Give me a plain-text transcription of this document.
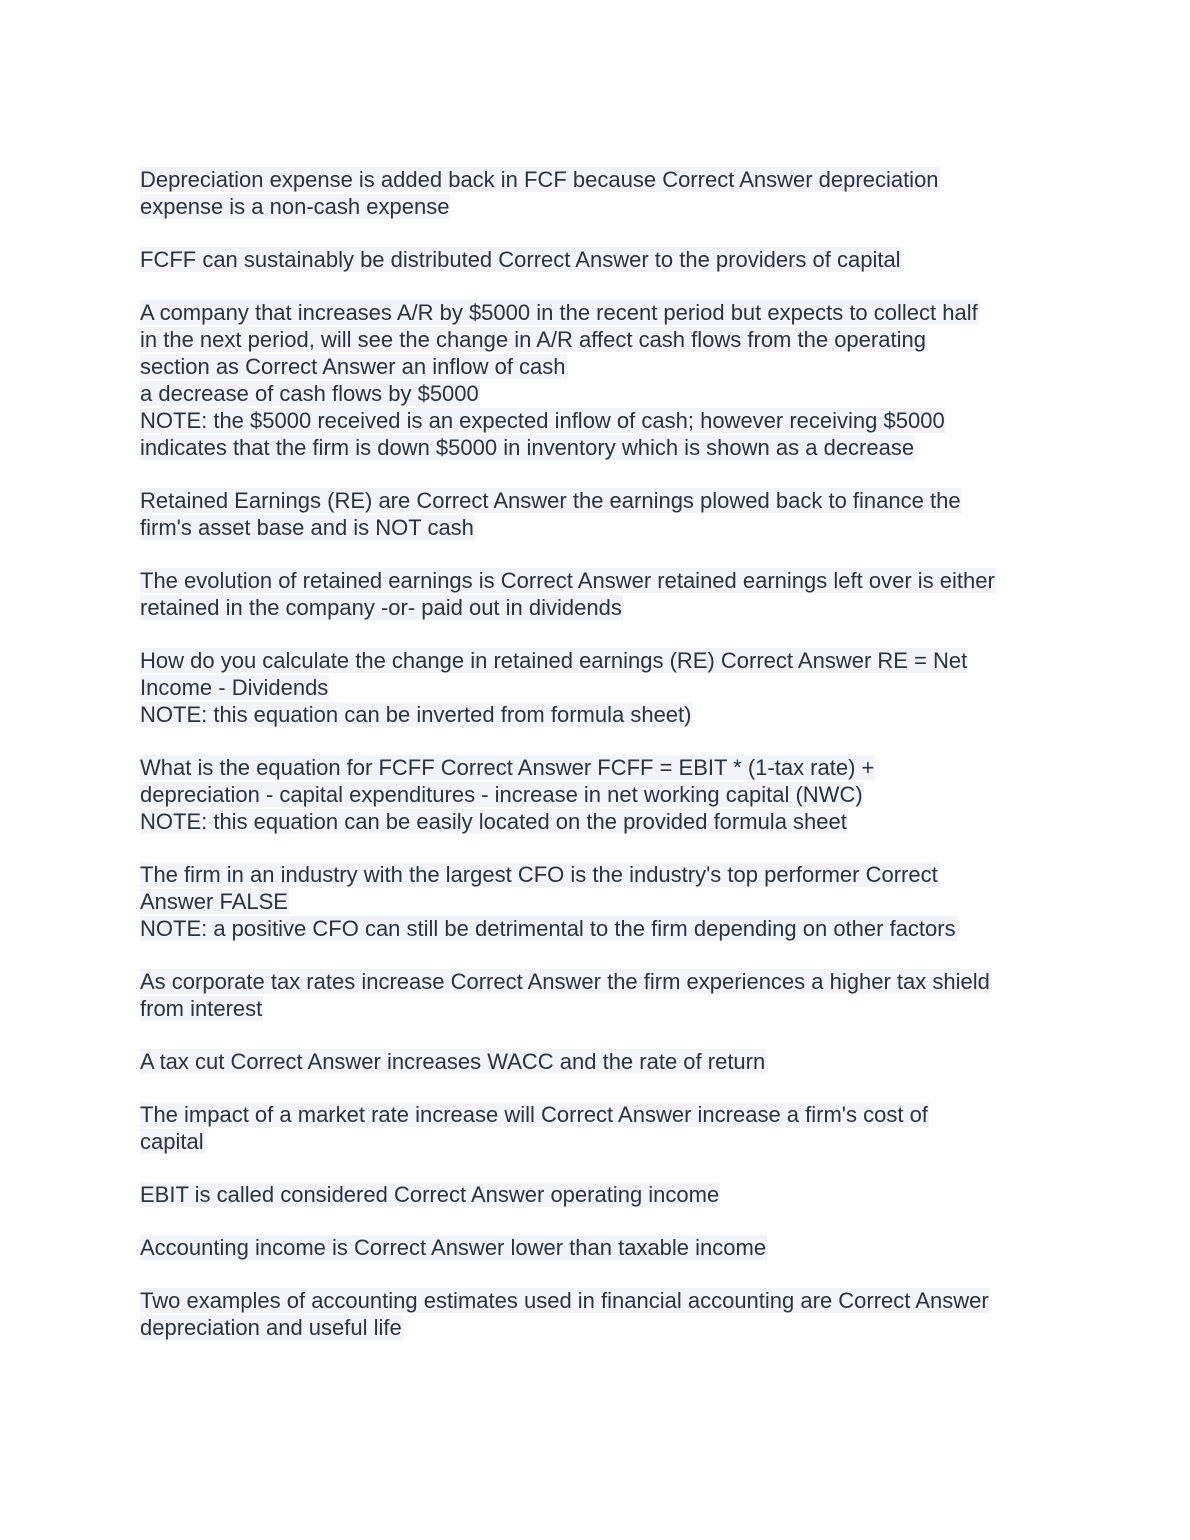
Depreciation expense is added back in FCF because Correct Answer depreciation
expense is a non-cash expense
FCFF can sustainably be distributed Correct Answer to the providers of capital
A company that increases A/R by $5000 in the recent period but expects to collect half
in the next period, will see the change in A/R affect cash flows from the operating
section as Correct Answer an inflow of cash
a decrease of cash flows by $5000
NOTE: the $5000 received is an expected inflow of cash; however receiving $5000
indicates that the firm is down $5000 in inventory which is shown as a decrease
Retained Earnings (RE) are Correct Answer the earnings plowed back to finance the
firm's asset base and is NOT cash
The evolution of retained earnings is Correct Answer retained earnings left over is either
retained in the company -or- paid out in dividends
How do you calculate the change in retained earnings (RE) Correct Answer RE = Net
Income - Dividends
NOTE: this equation can be inverted from formula sheet)
What is the equation for FCFF Correct Answer FCFF = EBIT * (1-tax rate) +
depreciation - capital expenditures - increase in net working capital (NWC)
NOTE: this equation can be easily located on the provided formula sheet
The firm in an industry with the largest CFO is the industry's top performer Correct
Answer FALSE
NOTE: a positive CFO can still be detrimental to the firm depending on other factors
As corporate tax rates increase Correct Answer the firm experiences a higher tax shield
from interest
A tax cut Correct Answer increases WACC and the rate of return
The impact of a market rate increase will Correct Answer increase a firm's cost of
capital
EBIT is called considered Correct Answer operating income
Accounting income is Correct Answer lower than taxable income
Two examples of accounting estimates used in financial accounting are Correct Answer
depreciation and useful life
